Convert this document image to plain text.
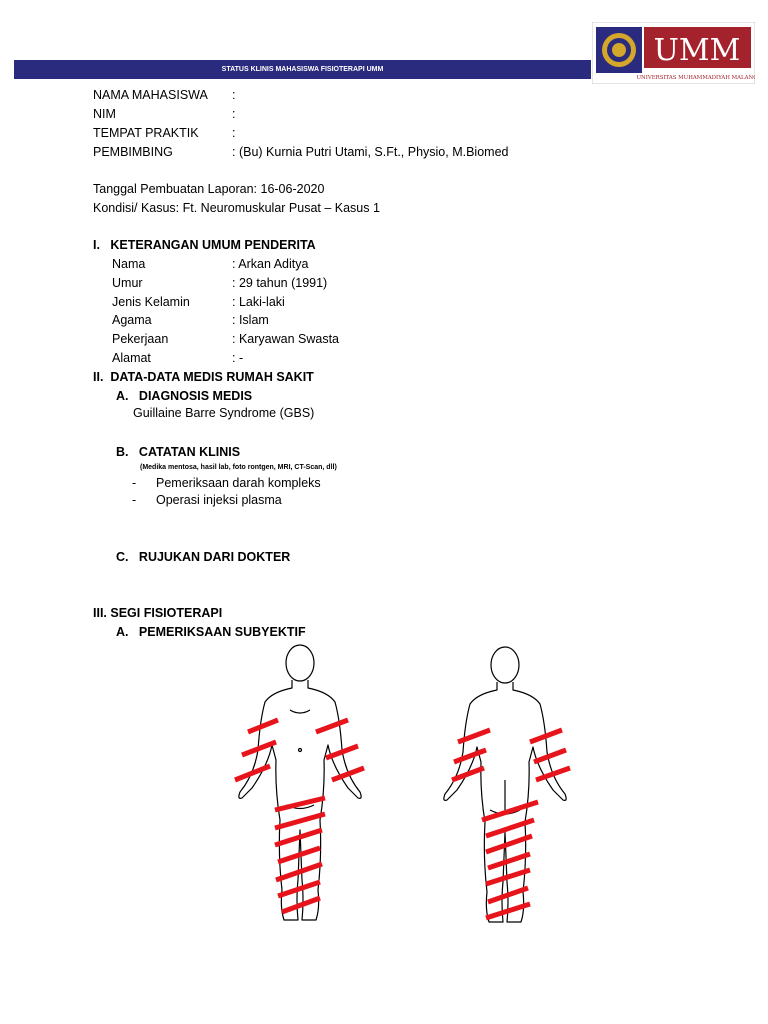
STATUS KLINIS MAHASISWA FISIOTERAPI UMM
UMM
UNIVERSITAS MUHAMMADIYAH MALANG
NAMA MAHASISWA :
NIM	:
TEMPAT PRAKTIK	:
PEMBIMBING	: (Bu) Kurnia Putri Utami, S.Ft., Physio, M.Biomed
Tanggal Pembuatan Laporan: 16-06-2020
Kondisi/ Kasus: Ft. Neuromuskular Pusat – Kasus 1
I.   KETERANGAN UMUM PENDERITA
Nama	: Arkan Aditya
Umur	: 29 tahun (1991)
Jenis Kelamin	: Laki-laki
Agama	: Islam
Pekerjaan	: Karyawan Swasta
Alamat	: -
II.  DATA-DATA MEDIS RUMAH SAKIT
A.   DIAGNOSIS MEDIS
Guillaine Barre Syndrome (GBS)
B.   CATATAN KLINIS
(Medika mentosa, hasil lab, foto rontgen, MRI, CT-Scan, dll)
- Pemeriksaan darah kompleks
- Operasi injeksi plasma
C.   RUJUKAN DARI DOKTER
III. SEGI FISIOTERAPI
A.   PEMERIKSAAN SUBYEKTIF
